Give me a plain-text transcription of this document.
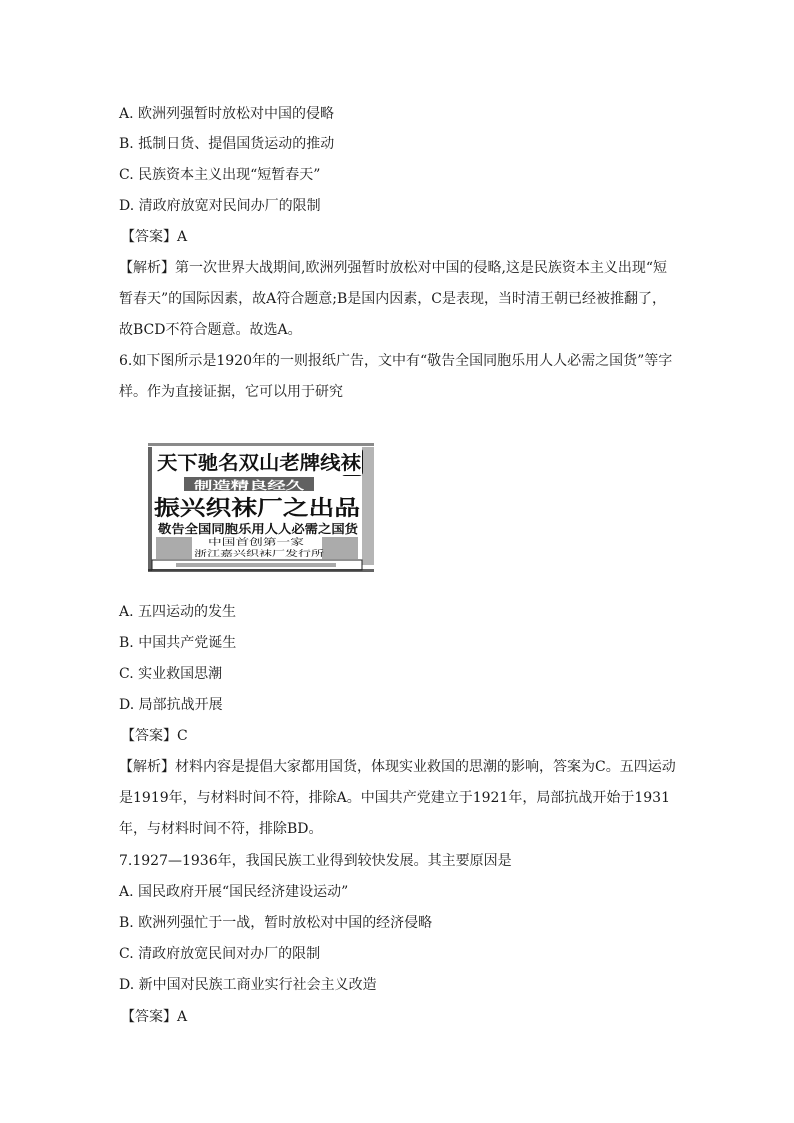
A. 欧洲列强暂时放松对中国的侵略
B. 抵制日货、提倡国货运动的推动
C. 民族资本主义出现“短暂春天”
D. 清政府放宽对民间办厂的限制
【答案】A
【解析】第一次世界大战期间,欧洲列强暂时放松对中国的侵略,这是民族资本主义出现“短暂春天”的国际因素，故A符合题意;B是国内因素，C是表现，当时清王朝已经被推翻了，故BCD不符合题意。故选A。
6.如下图所示是1920年的一则报纸广告，文中有“敬告全国同胞乐用人人必需之国货”等字样。作为直接证据，它可以用于研究
天下驰名双山老牌线袜
制造精良经久
振兴织袜厂之出品
敬告全国同胞乐用人人必需之国货
中国首创第一家
浙江嘉兴织袜厂发行所
A. 五四运动的发生
B. 中国共产党诞生
C. 实业救国思潮
D. 局部抗战开展
【答案】C
【解析】材料内容是提倡大家都用国货，体现实业救国的思潮的影响，答案为C。五四运动是1919年，与材料时间不符，排除A。中国共产党建立于1921年，局部抗战开始于1931年，与材料时间不符，排除BD。
7.1927—1936年，我国民族工业得到较快发展。其主要原因是
A. 国民政府开展“国民经济建设运动”
B. 欧洲列强忙于一战，暂时放松对中国的经济侵略
C. 清政府放宽民间对办厂的限制
D. 新中国对民族工商业实行社会主义改造
【答案】A
